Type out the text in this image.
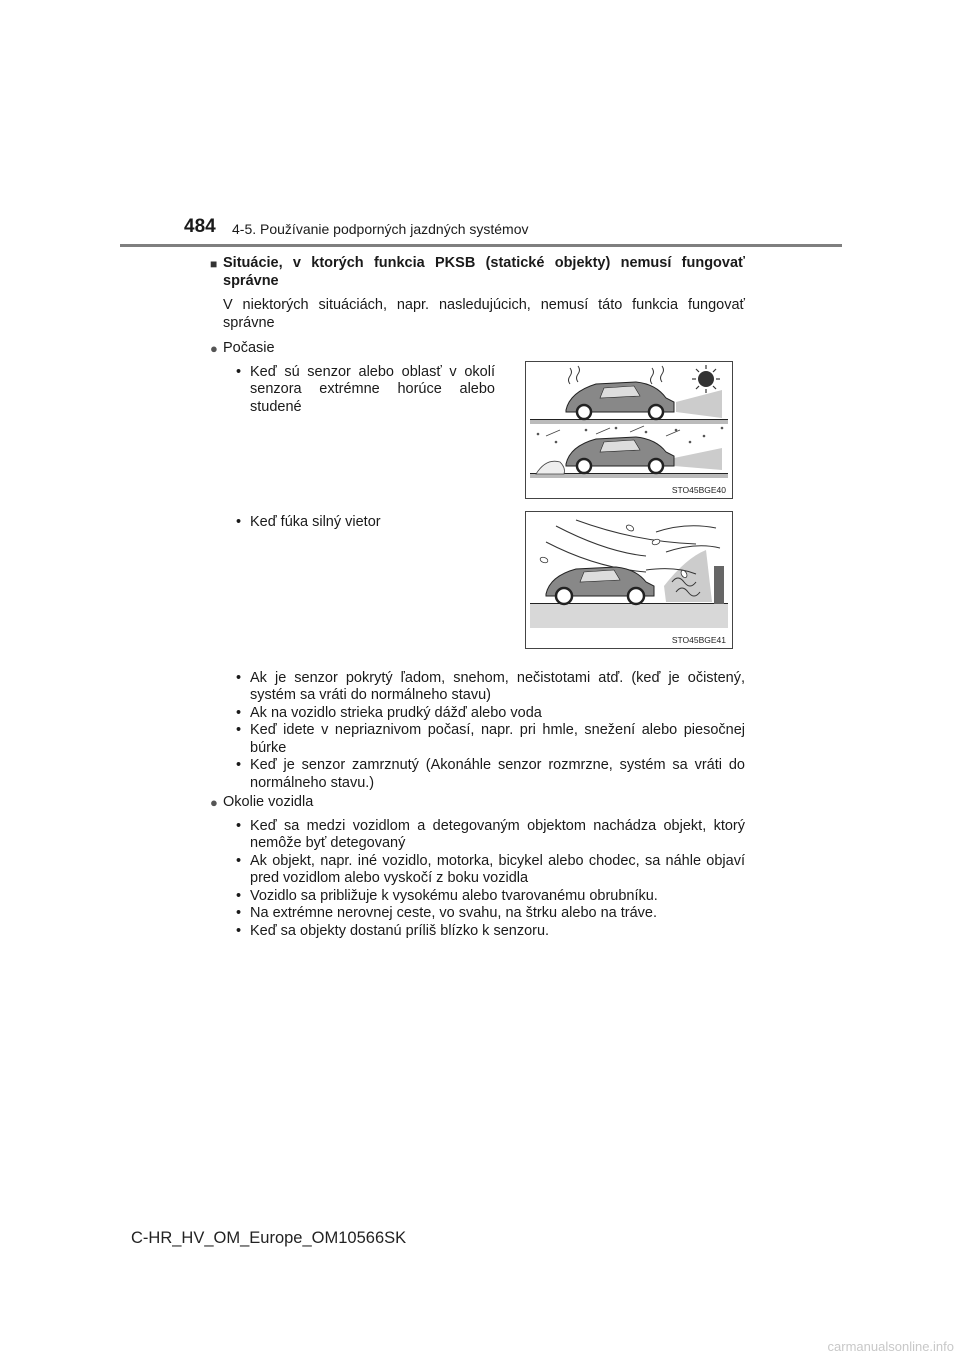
484 4-5. Používanie podporných jazdných systémov
■ Situácie, v ktorých funkcia PKSB (statické objekty) nemusí fungovať správne
V niektorých situáciách, napr. nasledujúcich, nemusí táto funkcia fungovať správne
● Počasie
• Keď sú senzor alebo oblasť v okolí senzora extrémne horúce alebo studené
• Keď fúka silný vietor
• Ak je senzor pokrytý ľadom, snehom, nečistotami atď. (keď je očistený, systém sa vráti do normálneho stavu)
• Ak na vozidlo strieka prudký dážď alebo voda
• Keď idete v nepriaznivom počasí, napr. pri hmle, snežení alebo piesočnej búrke
• Keď je senzor zamrznutý (Akonáhle senzor rozmrzne, systém sa vráti do normálneho stavu.)
● Okolie vozidla
• Keď sa medzi vozidlom a detegovaným objektom nachádza objekt, ktorý nemôže byť detegovaný
• Ak objekt, napr. iné vozidlo, motorka, bicykel alebo chodec, sa náhle objaví pred vozidlom alebo vyskočí z boku vozidla
• Vozidlo sa približuje k vysokému alebo tvarovanému obrubníku.
• Na extrémne nerovnej ceste, vo svahu, na štrku alebo na tráve.
• Keď sa objekty dostanú príliš blízko k senzoru.
STO45BGE40
STO45BGE41
C-HR_HV_OM_Europe_OM10566SK
carmanualsonline.info
